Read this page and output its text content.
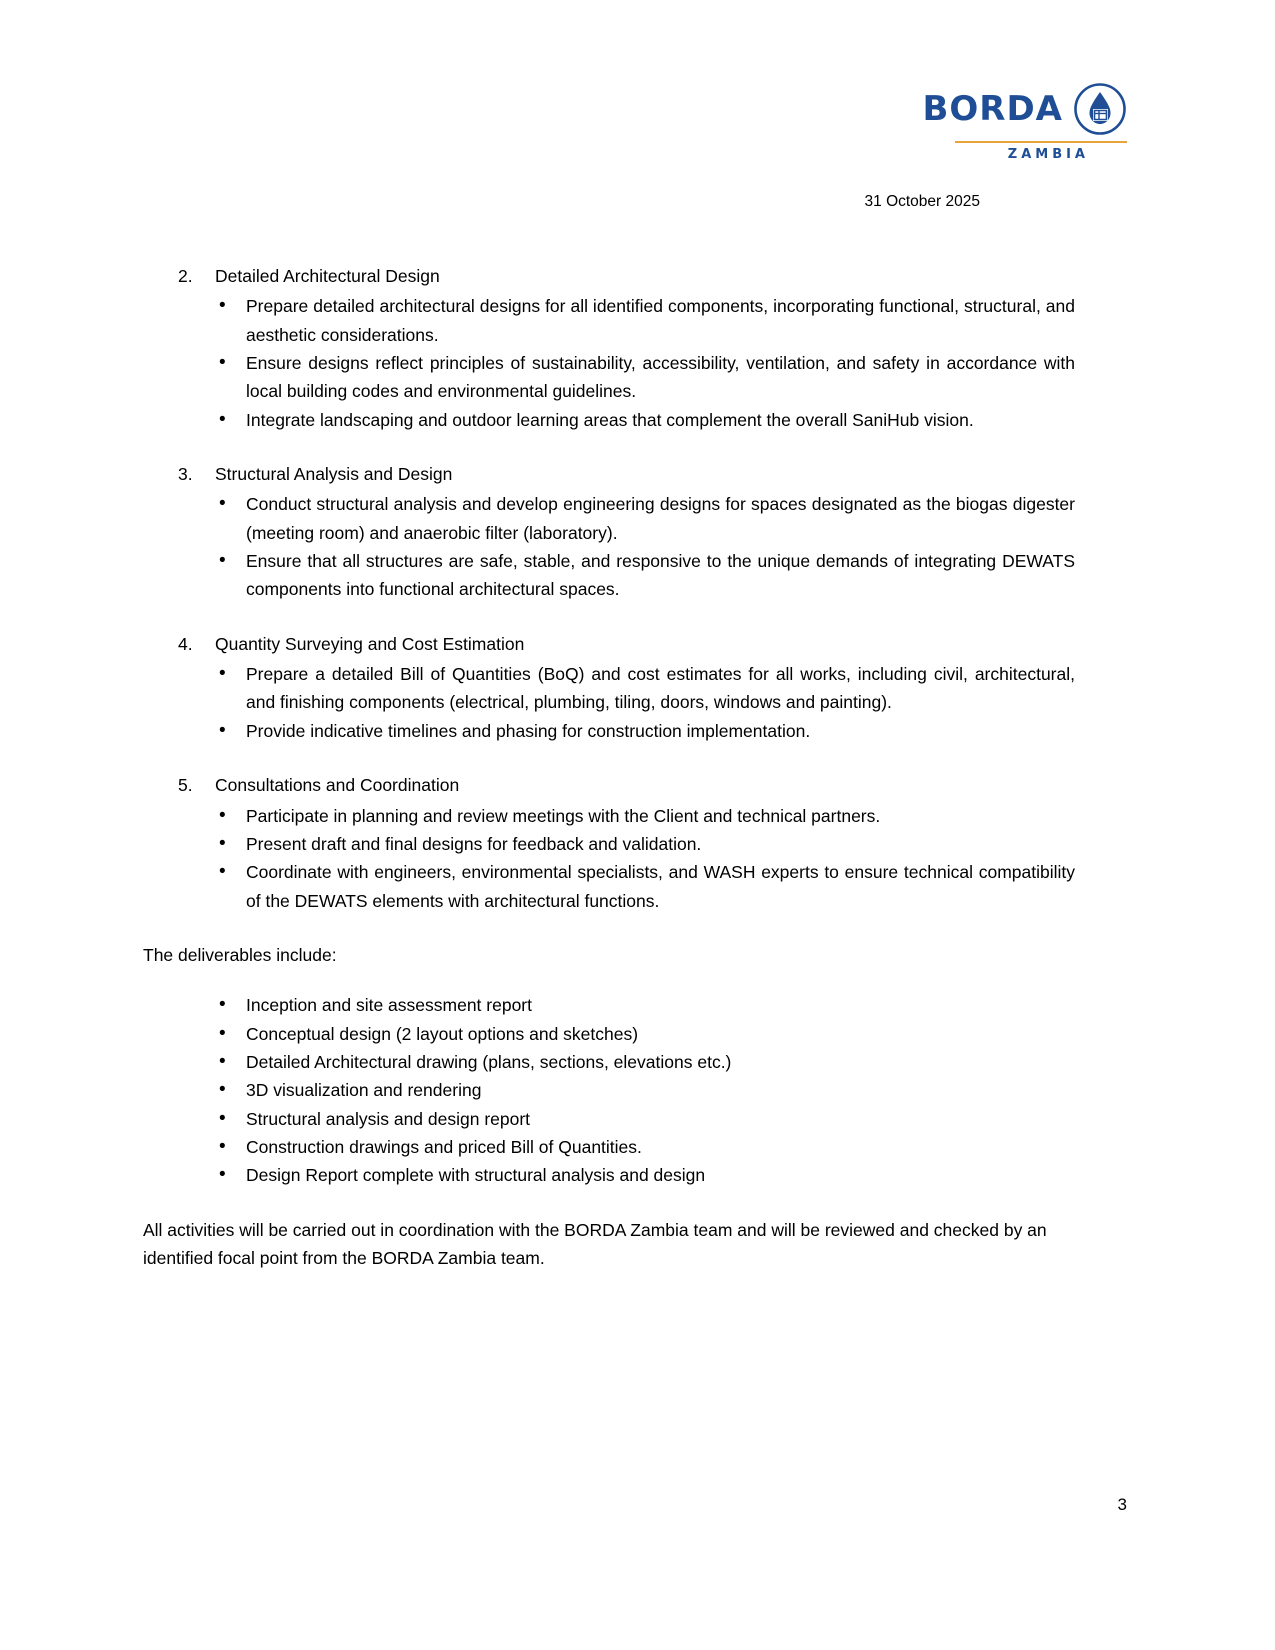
BORDA
ZAMBIA
31 October 2025
2. Detailed Architectural Design
• Prepare detailed architectural designs for all identified components, incorporating functional, structural, and aesthetic considerations.
• Ensure designs reflect principles of sustainability, accessibility, ventilation, and safety in accordance with local building codes and environmental guidelines.
• Integrate landscaping and outdoor learning areas that complement the overall SaniHub vision.
3. Structural Analysis and Design
• Conduct structural analysis and develop engineering designs for spaces designated as the biogas digester (meeting room) and anaerobic filter (laboratory).
• Ensure that all structures are safe, stable, and responsive to the unique demands of integrating DEWATS components into functional architectural spaces.
4. Quantity Surveying and Cost Estimation
• Prepare a detailed Bill of Quantities (BoQ) and cost estimates for all works, including civil, architectural, and finishing components (electrical, plumbing, tiling, doors, windows and painting).
• Provide indicative timelines and phasing for construction implementation.
5. Consultations and Coordination
• Participate in planning and review meetings with the Client and technical partners.
• Present draft and final designs for feedback and validation.
• Coordinate with engineers, environmental specialists, and WASH experts to ensure technical compatibility of the DEWATS elements with architectural functions.

The deliverables include:

• Inception and site assessment report
• Conceptual design (2 layout options and sketches)
• Detailed Architectural drawing (plans, sections, elevations etc.)
• 3D visualization and rendering
• Structural analysis and design report
• Construction drawings and priced Bill of Quantities.
• Design Report complete with structural analysis and design

All activities will be carried out in coordination with the BORDA Zambia team and will be reviewed and checked by an identified focal point from the BORDA Zambia team.

3
